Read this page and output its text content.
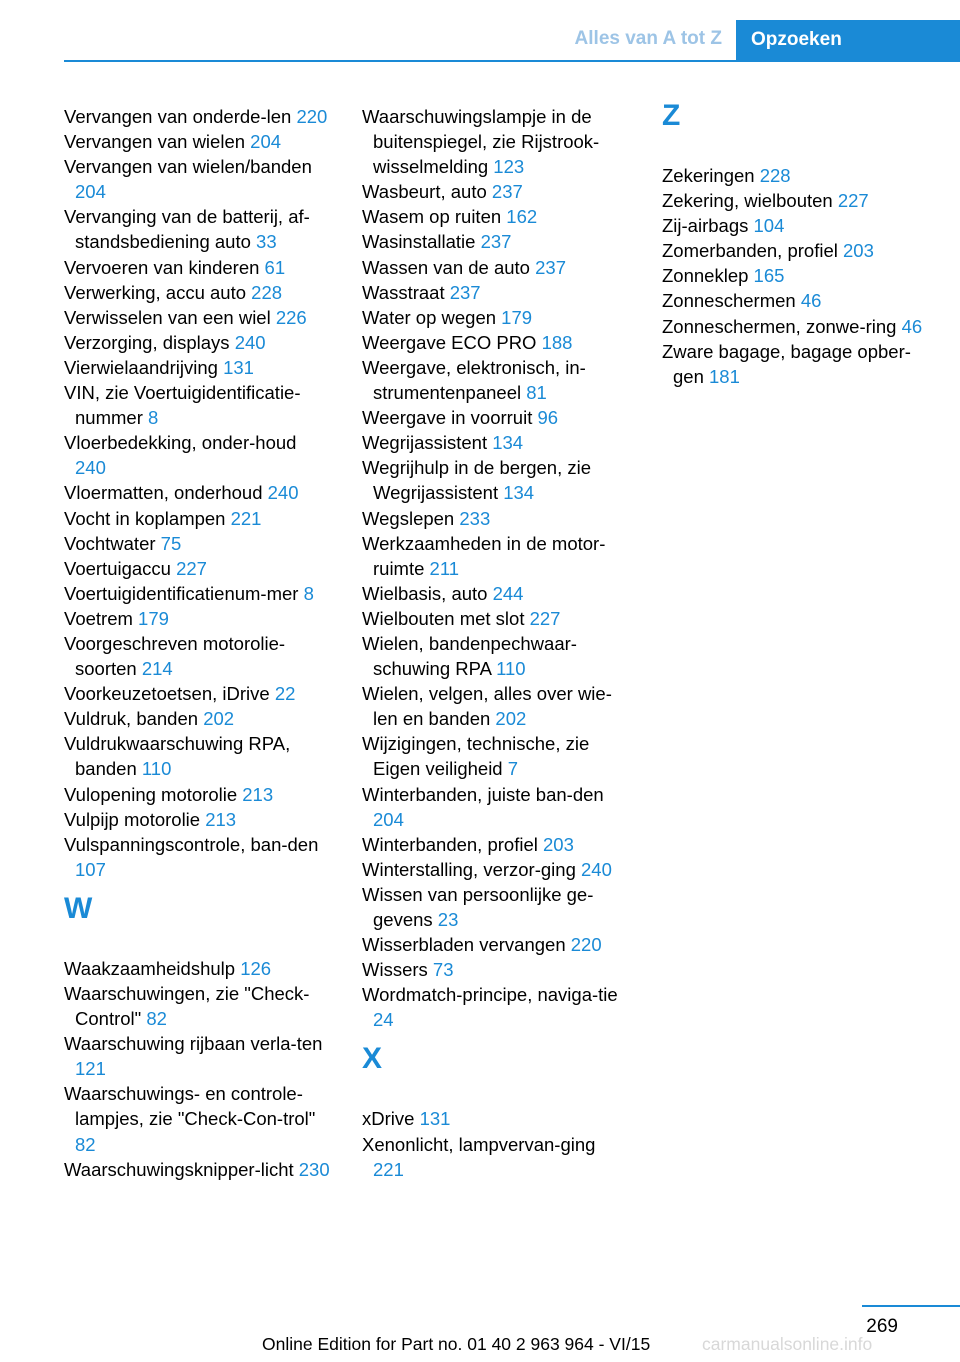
Alles van A tot Z	Opzoeken
Vervangen van onderde‐len 220
Vervangen van wielen 204
Vervangen van wielen/banden 204
Vervanging van de batterij, af‐standsbediening auto 33
Vervoeren van kinderen 61
Verwerking, accu auto 228
Verwisselen van een wiel 226
Verzorging, displays 240
Vierwielaandrijving 131
VIN, zie Voertuigidentificatie‐nummer 8
Vloerbedekking, onder‐houd 240
Vloermatten, onderhoud 240
Vocht in koplampen 221
Vochtwater 75
Voertuigaccu 227
Voertuigidentificatienum‐mer 8
Voetrem 179
Voorgeschreven motorolie‐soorten 214
Voorkeuzetoetsen, iDrive 22
Vuldruk, banden 202
Vuldrukwaarschuwing RPA, banden 110
Vulopening motorolie 213
Vulpijp motorolie 213
Vulspanningscontrole, ban‐den 107
W
Waakzaamheidshulp 126
Waarschuwingen, zie "Check-Control" 82
Waarschuwing rijbaan verla‐ten 121
Waarschuwings- en controle‐lampjes, zie "Check-Con‐trol" 82
Waarschuwingsknipper‐licht 230
Waarschuwingslampje in de buitenspiegel, zie Rijstrook‐wisselmelding 123
Wasbeurt, auto 237
Wasem op ruiten 162
Wasinstallatie 237
Wassen van de auto 237
Wasstraat 237
Water op wegen 179
Weergave ECO PRO 188
Weergave, elektronisch, in‐strumentenpaneel 81
Weergave in voorruit 96
Wegrijassistent 134
Wegrijhulp in de bergen, zie Wegrijassistent 134
Wegslepen 233
Werkzaamheden in de motor‐ruimte 211
Wielbasis, auto 244
Wielbouten met slot 227
Wielen, bandenpechwaar‐schuwing RPA 110
Wielen, velgen, alles over wie‐len en banden 202
Wijzigingen, technische, zie Eigen veiligheid 7
Winterbanden, juiste ban‐den 204
Winterbanden, profiel 203
Winterstalling, verzor‐ging 240
Wissen van persoonlijke ge‐gevens 23
Wisserbladen vervangen 220
Wissers 73
Wordmatch-principe, naviga‐tie 24
X
xDrive 131
Xenonlicht, lampvervan‐ging 221
Z
Zekeringen 228
Zekering, wielbouten 227
Zij-airbags 104
Zomerbanden, profiel 203
Zonneklep 165
Zonneschermen 46
Zonneschermen, zonwe‐ring 46
Zware bagage, bagage opber‐gen 181
269
Online Edition for Part no. 01 40 2 963 964 - VI/15	carmanualsonline.info
